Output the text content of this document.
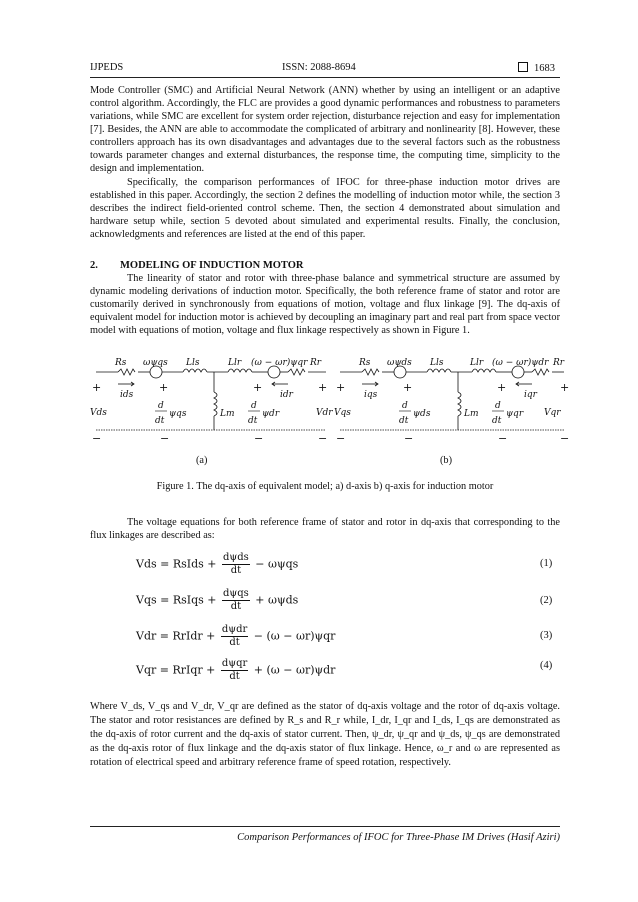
IJPEDS	ISSN: 2088-8694	1683

Mode Controller (SMC) and Artificial Neural Network (ANN) whether by using an intelligent or an adaptive control algorithm. Accordingly, the FLC are provides a good dynamic performances and robustness to parameters variations, while SMC are excellent for system order rejection, disturbance rejection and easy for implementation [7]. Besides, the ANN are able to accommodate the complicated of arbitrary and nonlinearity [8]. However, these controllers approach has its own disadvantages and advantages due to the several factors such as the robustness towards parameter changes and external disturbances, the response time, the computing time, simplicity to the design and implementation.

Specifically, the comparison performances of IFOC for three-phase induction motor drives are established in this paper. Accordingly, the section 2 defines the modelling of induction motor while, the section 3 describes the indirect field-oriented control scheme. Then, the section 4 demonstrated about simulation and hardware setup while, section 5 devoted about simulated and experimental results. Finally, the conclusion, acknowledgments and references are listed at the end of this paper.

2. MODELING OF INDUCTION MOTOR

The linearity of stator and rotor with three-phase balance and symmetrical structure are assumed by dynamic modeling derivations of induction motor. Specifically, the both reference frame of stator and rotor are customarily derived in synchronously from equations of motion, voltage and flux linkage [9]. The dq-axis of equivalent model for induction motor is achieved by decoupling an imaginary part and real part from space vector model with equations of motion, voltage and flux linkage respectively as shown in Figure 1.

Rs ωψqs Lls	Llr (ω − ωr)ψqr Rr
+	+	+	+
ids	idr
Vds	Vdr
d
dt
ψqs	Lm
d
dt
ψdr
−	−	−	−
Rs ωψds Lls	Llr (ω − ωr)ψdr Rr
+	+	+	+
iqs	iqr
Vqs	Vqr
d
dt
ψds	Lm
d
dt
ψqr
−	−	−	−
(a)	(b)
Figure 1. The dq-axis of equivalent model; a) d-axis b) q-axis for induction motor

The voltage equations for both reference frame of stator and rotor in dq-axis that corresponding to the flux linkages are described as:

Vds = RsIds + $\frac{\text{dψds}}{dt} - \omega\psi qs$	(1)
Vqs = RsIqs + $\frac{\text{dψqs}}{dt} + \omega\psi ds$	(2)
Vdr = RrIdr + $\frac{\text{dψdr}}{dt} - (\omega - \omega r)\psi qr$	(3)
Vqr = RrIqr + $\frac{\text{dψqr}}{dt} + (\omega - \omega r)\psi dr$	(4)

Where V_ds, V_qs and V_dr, V_qr are defined as the stator of dq-axis voltage and the rotor of dq-axis voltage. The stator and rotor resistances are defined by R_s and R_r while, I_dr, I_qr and I_ds, I_qs are demonstrated as the dq-axis of rotor current and the dq-axis of stator current. Then, ψ_dr, ψ_qr and ψ_ds, ψ_qs are demonstrated as the dq-axis rotor of flux linkage and the dq-axis stator of flux linkage. Hence, ω_r and ω are represented as rotation of electrical speed and arbitrary reference frame of speed rotation, respectively.

Comparison Performances of IFOC for Three-Phase IM Drives (Hasif Aziri)
